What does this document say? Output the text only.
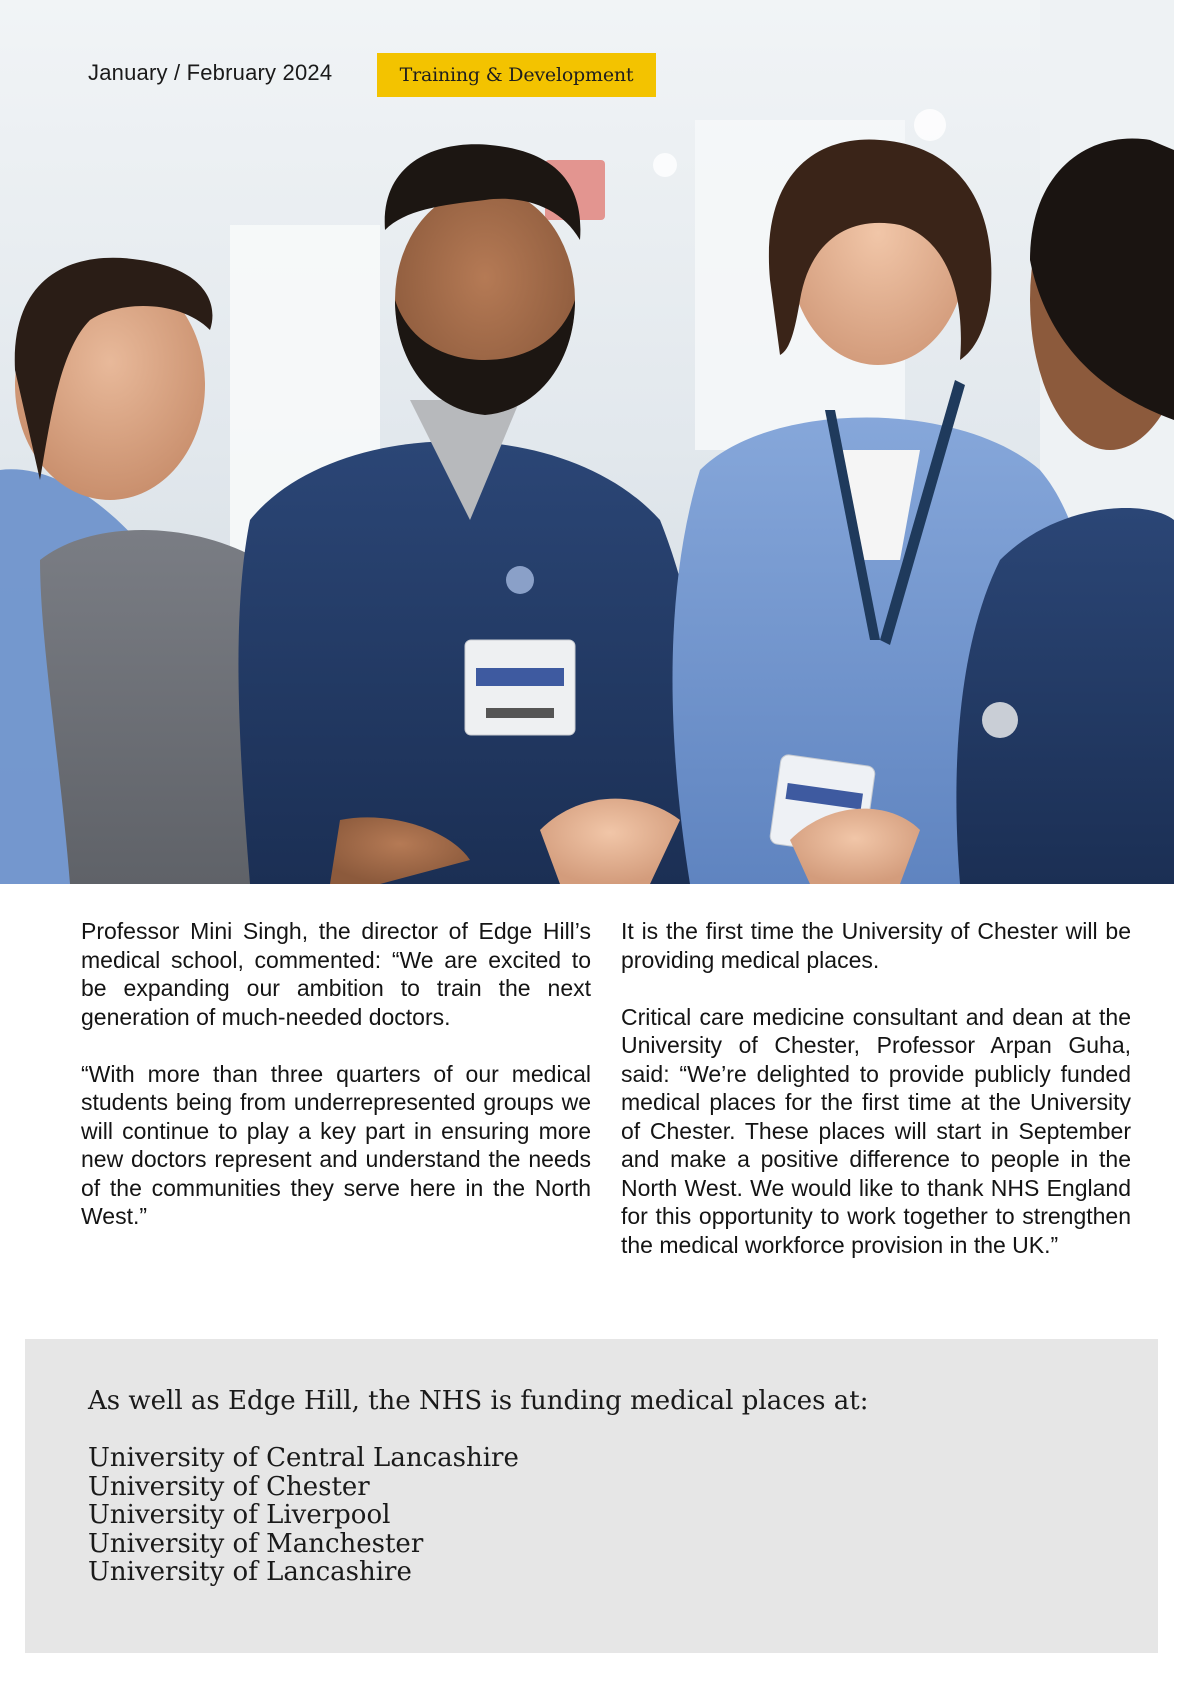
January / February 2024	Training & Development

Professor Mini Singh, the director of Edge Hill’s medical school, commented: “We are excited to be expanding our ambition to train the next generation of much-needed doctors.

“With more than three quarters of our medical students being from underrepresented groups we will continue to play a key part in ensuring more new doctors represent and understand the needs of the communities they serve here in the North West.”

It is the first time the University of Chester will be providing medical places.

Critical care medicine consultant and dean at the University of Chester, Professor Arpan Guha, said: “We’re delighted to provide publicly funded medical places for the first time at the University of Chester. These places will start in September and make a positive difference to people in the North West. We would like to thank NHS England for this opportunity to work together to strengthen the medical workforce provision in the UK.”

As well as Edge Hill, the NHS is funding medical places at:

University of Central Lancashire
University of Chester
University of Liverpool
University of Manchester
University of Lancashire
